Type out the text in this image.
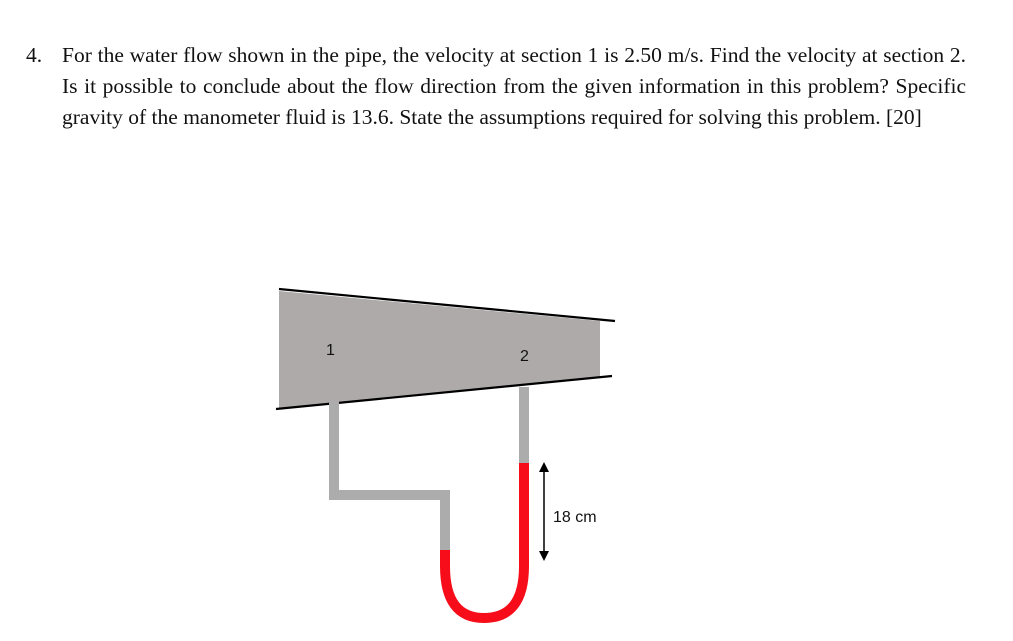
4. For the water flow shown in the pipe, the velocity at section 1 is 2.50 m/s. Find the velocity at section 2. Is it possible to conclude about the flow direction from the given information in this problem? Specific gravity of the manometer fluid is 13.6. State the assumptions required for solving this problem. [20]
1	2
18 cm
